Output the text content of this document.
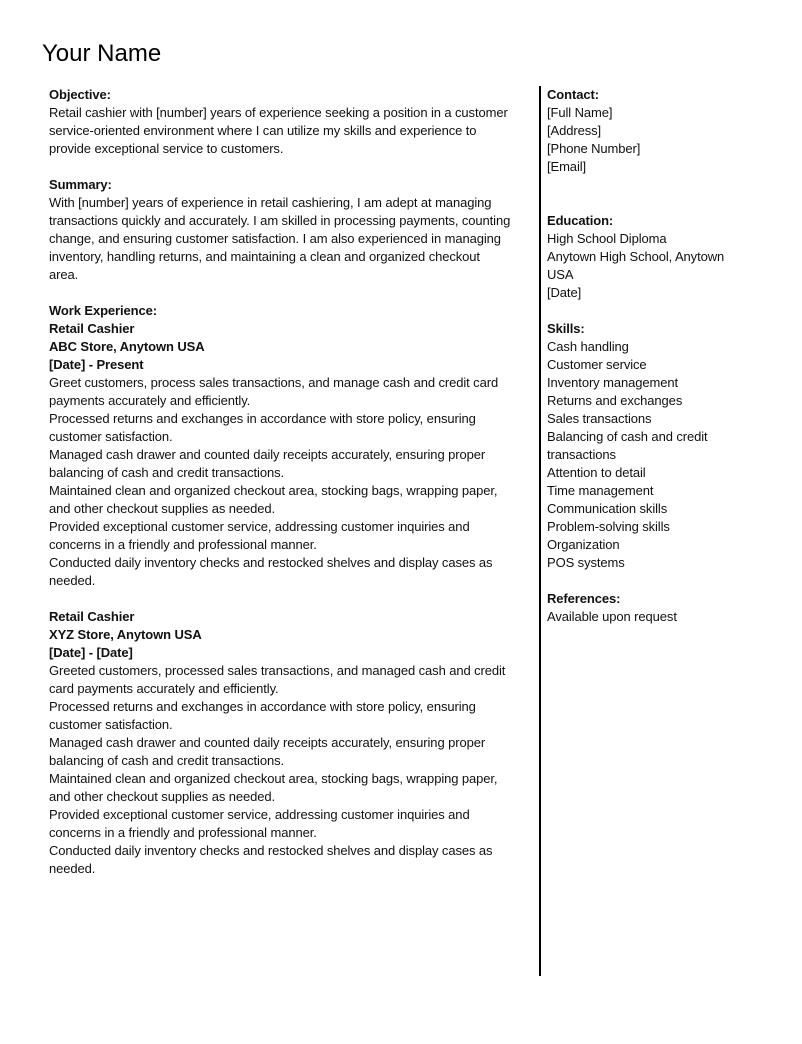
Your Name
Objective:
Retail cashier with [number] years of experience seeking a position in a customer
service-oriented environment where I can utilize my skills and experience to
provide exceptional service to customers.
Summary:
With [number] years of experience in retail cashiering, I am adept at managing
transactions quickly and accurately. I am skilled in processing payments, counting
change, and ensuring customer satisfaction. I am also experienced in managing
inventory, handling returns, and maintaining a clean and organized checkout
area.
Work Experience:
Retail Cashier
ABC Store, Anytown USA
[Date] - Present
Greet customers, process sales transactions, and manage cash and credit card
payments accurately and efficiently.
Processed returns and exchanges in accordance with store policy, ensuring
customer satisfaction.
Managed cash drawer and counted daily receipts accurately, ensuring proper
balancing of cash and credit transactions.
Maintained clean and organized checkout area, stocking bags, wrapping paper,
and other checkout supplies as needed.
Provided exceptional customer service, addressing customer inquiries and
concerns in a friendly and professional manner.
Conducted daily inventory checks and restocked shelves and display cases as
needed.
Retail Cashier
XYZ Store, Anytown USA
[Date] - [Date]
Greeted customers, processed sales transactions, and managed cash and credit
card payments accurately and efficiently.
Processed returns and exchanges in accordance with store policy, ensuring
customer satisfaction.
Managed cash drawer and counted daily receipts accurately, ensuring proper
balancing of cash and credit transactions.
Maintained clean and organized checkout area, stocking bags, wrapping paper,
and other checkout supplies as needed.
Provided exceptional customer service, addressing customer inquiries and
concerns in a friendly and professional manner.
Conducted daily inventory checks and restocked shelves and display cases as
needed.
Contact:
[Full Name]
[Address]
[Phone Number]
[Email]
Education:
High School Diploma
Anytown High School, Anytown
USA
[Date]
Skills:
Cash handling
Customer service
Inventory management
Returns and exchanges
Sales transactions
Balancing of cash and credit
transactions
Attention to detail
Time management
Communication skills
Problem-solving skills
Organization
POS systems
References:
Available upon request
